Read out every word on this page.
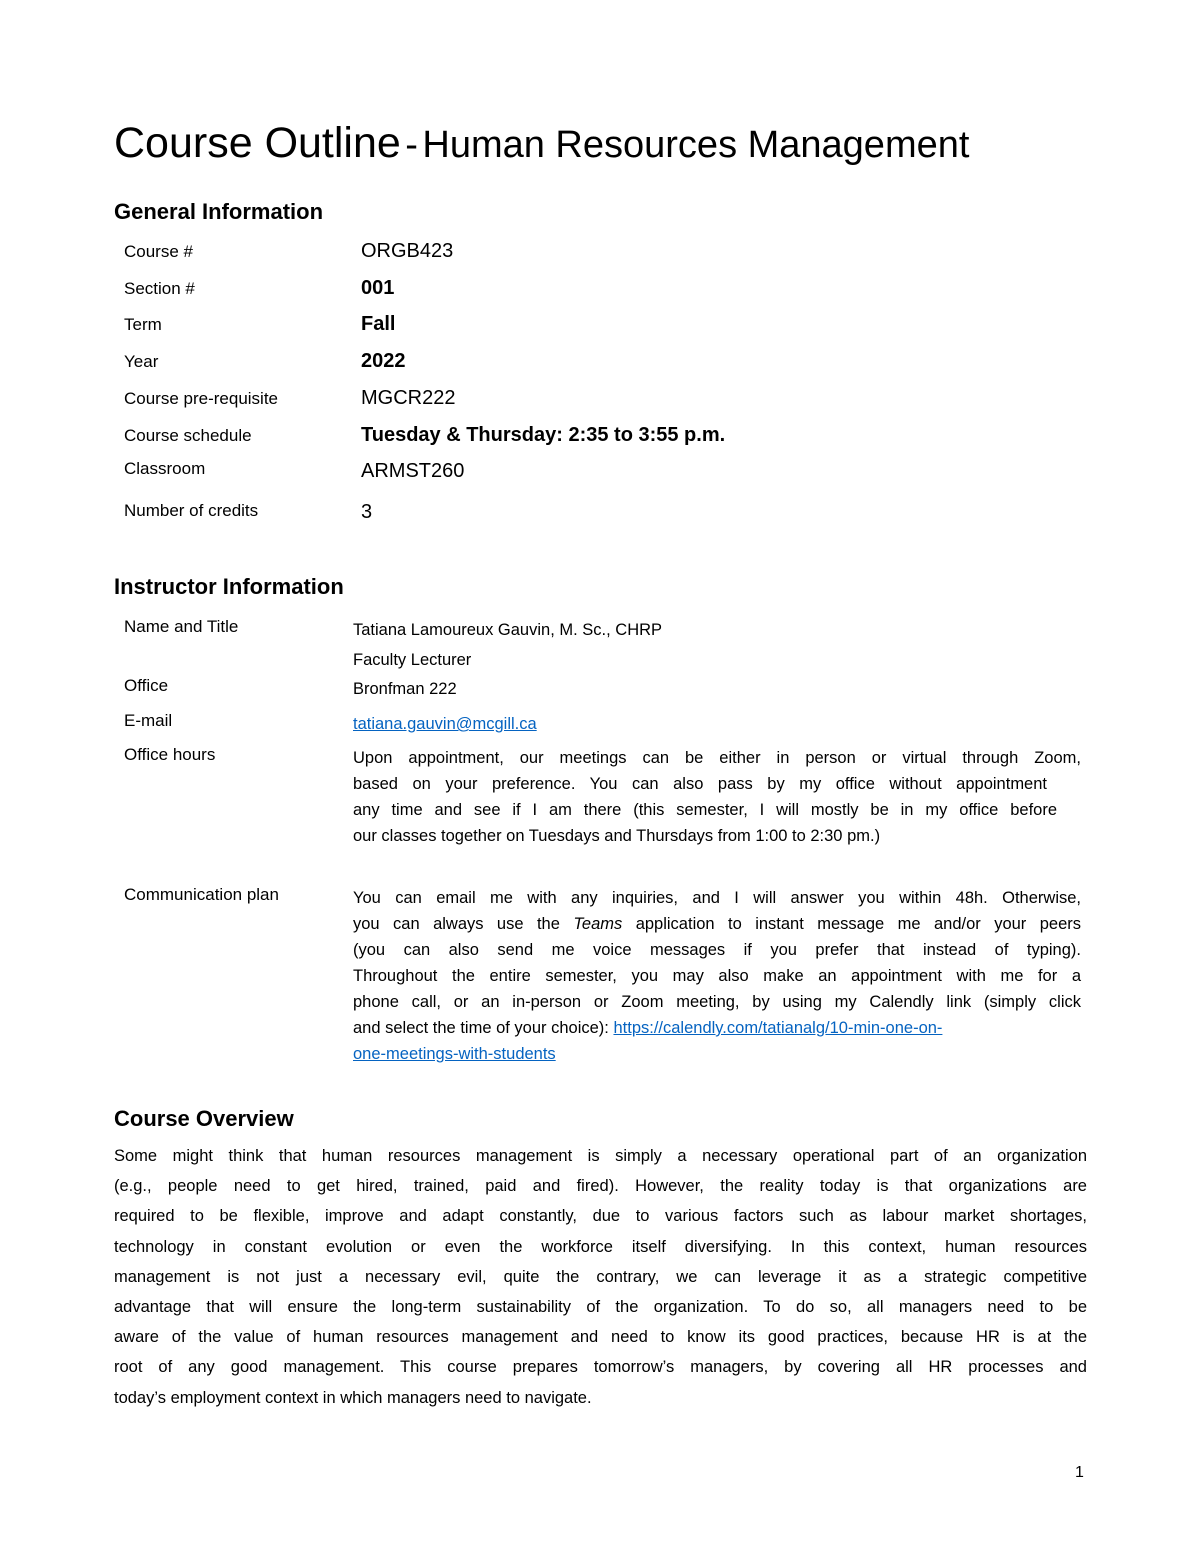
Course Outline - Human Resources Management
General Information
Course #	ORGB423
Section #	001
Term	Fall
Year	2022
Course pre-requisite	MGCR222
Course schedule	Tuesday & Thursday: 2:35 to 3:55 p.m.
Classroom	ARMST260
Number of credits	3
Instructor Information
Name and Title	Tatiana Lamoureux Gauvin, M. Sc., CHRP
Faculty Lecturer
Office	Bronfman 222
E-mail	tatiana.gauvin@mcgill.ca
Office hours	Upon appointment, our meetings can be either in person or virtual through Zoom,
based on your preference. You can also pass by my office without appointment
any time and see if I am there (this semester, I will mostly be in my office before
our classes together on Tuesdays and Thursdays from 1:00 to 2:30 pm.)
Communication plan	You can email me with any inquiries, and I will answer you within 48h. Otherwise,
you can always use the Teams application to instant message me and/or your peers
(you can also send me voice messages if you prefer that instead of typing).
Throughout the entire semester, you may also make an appointment with me for a
phone call, or an in-person or Zoom meeting, by using my Calendly link (simply click
and select the time of your choice): https://calendly.com/tatianalg/10-min-one-on-
one-meetings-with-students
Course Overview
Some might think that human resources management is simply a necessary operational part of an organization
(e.g., people need to get hired, trained, paid and fired). However, the reality today is that organizations are
required to be flexible, improve and adapt constantly, due to various factors such as labour market shortages,
technology in constant evolution or even the workforce itself diversifying. In this context, human resources
management is not just a necessary evil, quite the contrary, we can leverage it as a strategic competitive
advantage that will ensure the long-term sustainability of the organization. To do so, all managers need to be
aware of the value of human resources management and need to know its good practices, because HR is at the
root of any good management. This course prepares tomorrow’s managers, by covering all HR processes and
today’s employment context in which managers need to navigate.
1
